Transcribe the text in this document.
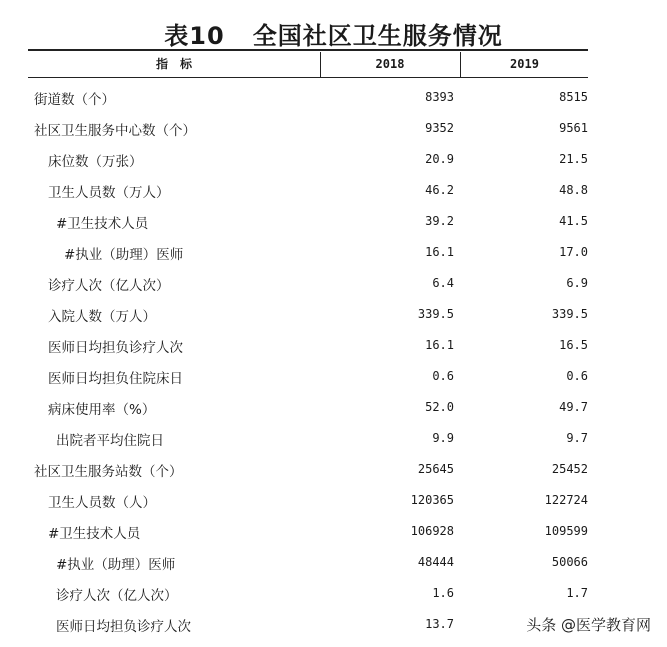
表10 全国社区卫生服务情况
指　标	2018	2019
街道数（个）	8393	8515
社区卫生服务中心数（个）	9352	9561
床位数（万张）	20.9	21.5
卫生人员数（万人）	46.2	48.8
#卫生技术人员	39.2	41.5
#执业（助理）医师	16.1	17.0
诊疗人次（亿人次）	6.4	6.9
入院人数（万人）	339.5	339.5
医师日均担负诊疗人次	16.1	16.5
医师日均担负住院床日	0.6	0.6
病床使用率（%）	52.0	49.7
出院者平均住院日	9.9	9.7
社区卫生服务站数（个）	25645	25452
卫生人员数（人）	120365	122724
#卫生技术人员	106928	109599
#执业（助理）医师	48444	50066
诊疗人次（亿人次）	1.6	1.7
医师日均担负诊疗人次	13.7	头条 @医学教育网
